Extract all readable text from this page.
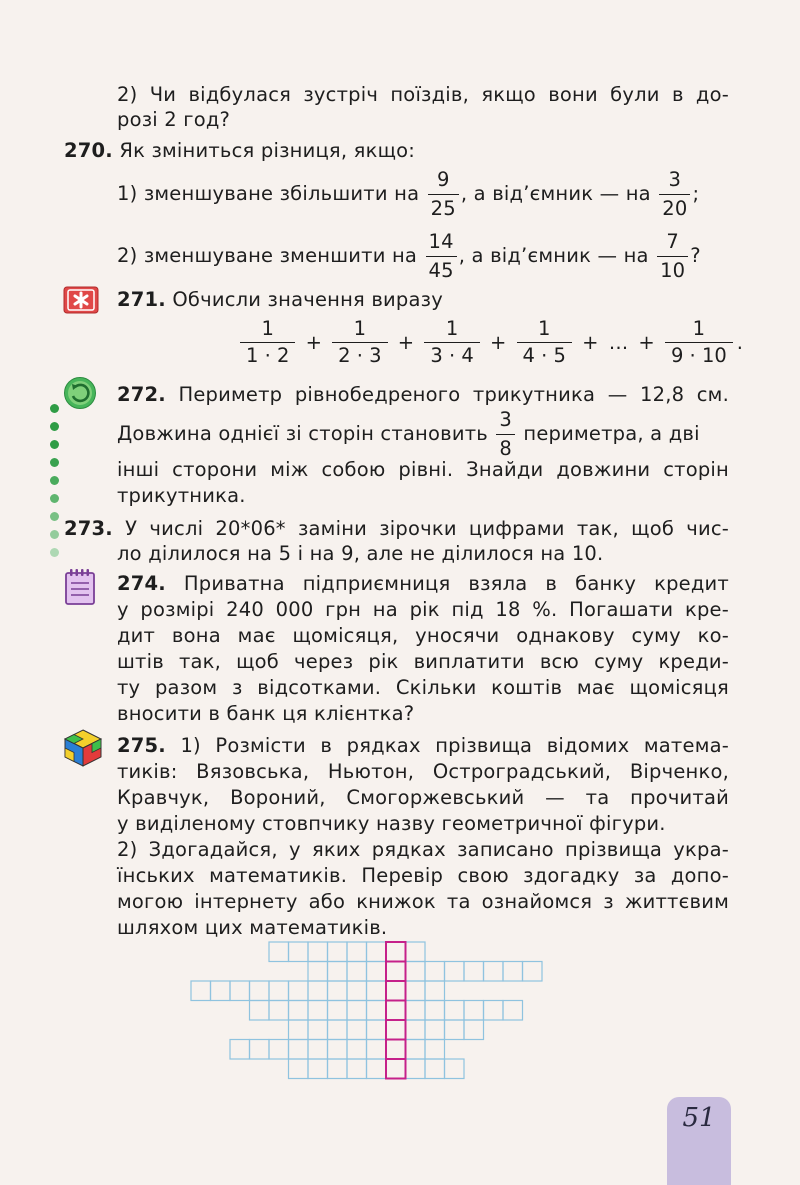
2) Чи відбулася зустріч поїздів, якщо вони були в до-
розі 2 год?
270. Як зміниться різниця, якщо:
1) зменшуване збільшити на $\frac{9}{25}$ , а від’ємник — на $\frac{3}{20}$ ;
2) зменшуване зменшити на $\frac{14}{45}$ , а від’ємник — на $\frac{7}{10}$ ?
271. Обчисли значення виразу
$\frac{1}{1 \cdot 2} + \frac{1}{2 \cdot 3} + \frac{1}{3 \cdot 4} + \frac{1}{4 \cdot 5}$ + … + $\frac{1}{9 \cdot 10}$ .
272. Периметр рівнобедреного трикутника — 12,8 см.
Довжина однієї зі сторін становить $\frac{3}{8}$ периметра, а дві
інші сторони між собою рівні. Знайди довжини сторін
трикутника.
273. У числі 20*06* заміни зірочки цифрами так, щоб чис-
ло ділилося на 5 і на 9, але не ділилося на 10.
274. Приватна підприємниця взяла в банку кредит
у розмірі 240 000 грн на рік під 18 %. Погашати кре-
дит вона має щомісяця, уносячи однакову суму ко-
штів так, щоб через рік виплатити всю суму креди-
ту разом з відсотками. Скільки коштів має щомісяця
вносити в банк ця клієнтка?
275. 1) Розмісти в рядках прізвища відомих матема-
тиків: Вязовська, Ньютон, Остроградський, Вірченко,
Кравчук, Вороний, Смогоржевський — та прочитай
у виділеному стовпчику назву геометричної фігури.
2) Здогадайся, у яких рядках записано прізвища укра-
їнських математиків. Перевір свою здогадку за допо-
могою інтернету або книжок та ознайомся з життєвим
шляхом цих математиків.
51
